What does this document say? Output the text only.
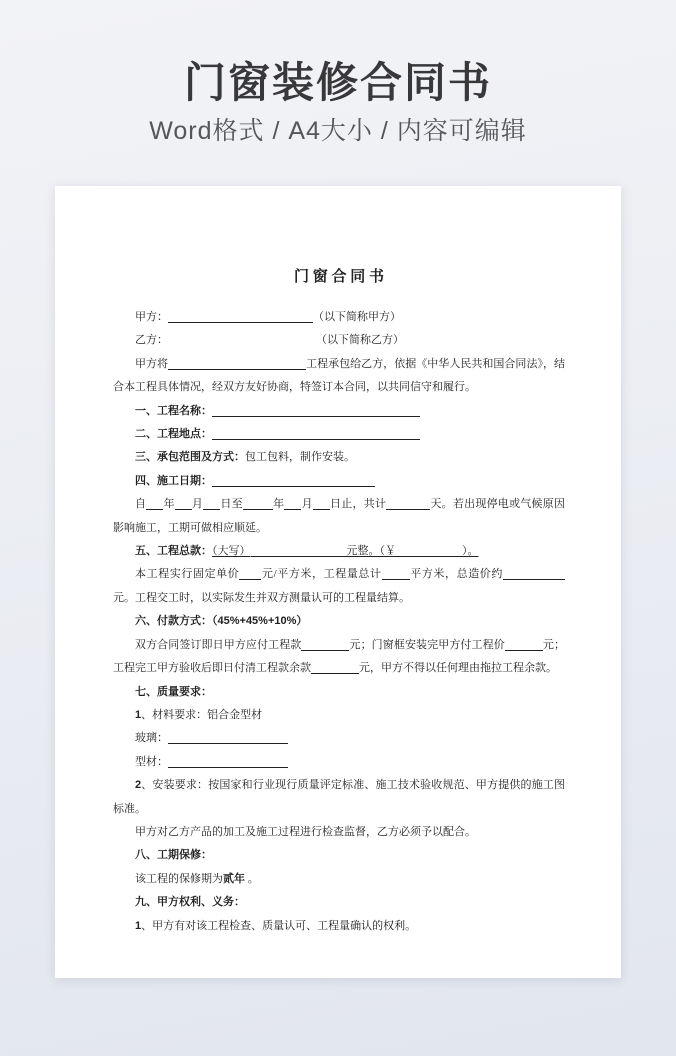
门窗装修合同书
Word格式 / A4大小 / 内容可编辑
门 窗 合 同 书

甲方：	（以下简称甲方）

乙方：	（以下简称乙方）

甲方将	工程承包给乙方，依据《中华人民共和国合同法》，结合本工程具体情况，经双方友好协商，特签订本合同，以共同信守和履行。

一、工程名称：

二、工程地点：

三、承包范围及方式：包工包料，制作安装。

四、施工日期：

自 年 月 日至	年 月 日止，共计	天。若出现停电或气候原因影响施工，工期可做相应顺延。

五、工程总款：（大写）	元整。（￥	）。

本工程实行固定单价 元/平方米，工程量总计	平方米，总造价约 元。工程交工时，以实际发生并双方测量认可的工程量结算。

六、付款方式：（45%+45%+10%）

双方合同签订即日甲方应付工程款	元；门窗框安装完甲方付工程价	元；工程完工甲方验收后即日付清工程款余款	元，甲方不得以任何理由拖拉工程余款。

七、质量要求：

1、材料要求：铝合金型材

玻璃：

型材：

2、安装要求：按国家和行业现行质量评定标准、施工技术验收规范、甲方提供的施工图标准。

甲方对乙方产品的加工及施工过程进行检查监督，乙方必须予以配合。

八、工期保修：

该工程的保修期为贰年 。

九、甲方权利、义务：

1、甲方有对该工程检查、质量认可、工程量确认的权利。
